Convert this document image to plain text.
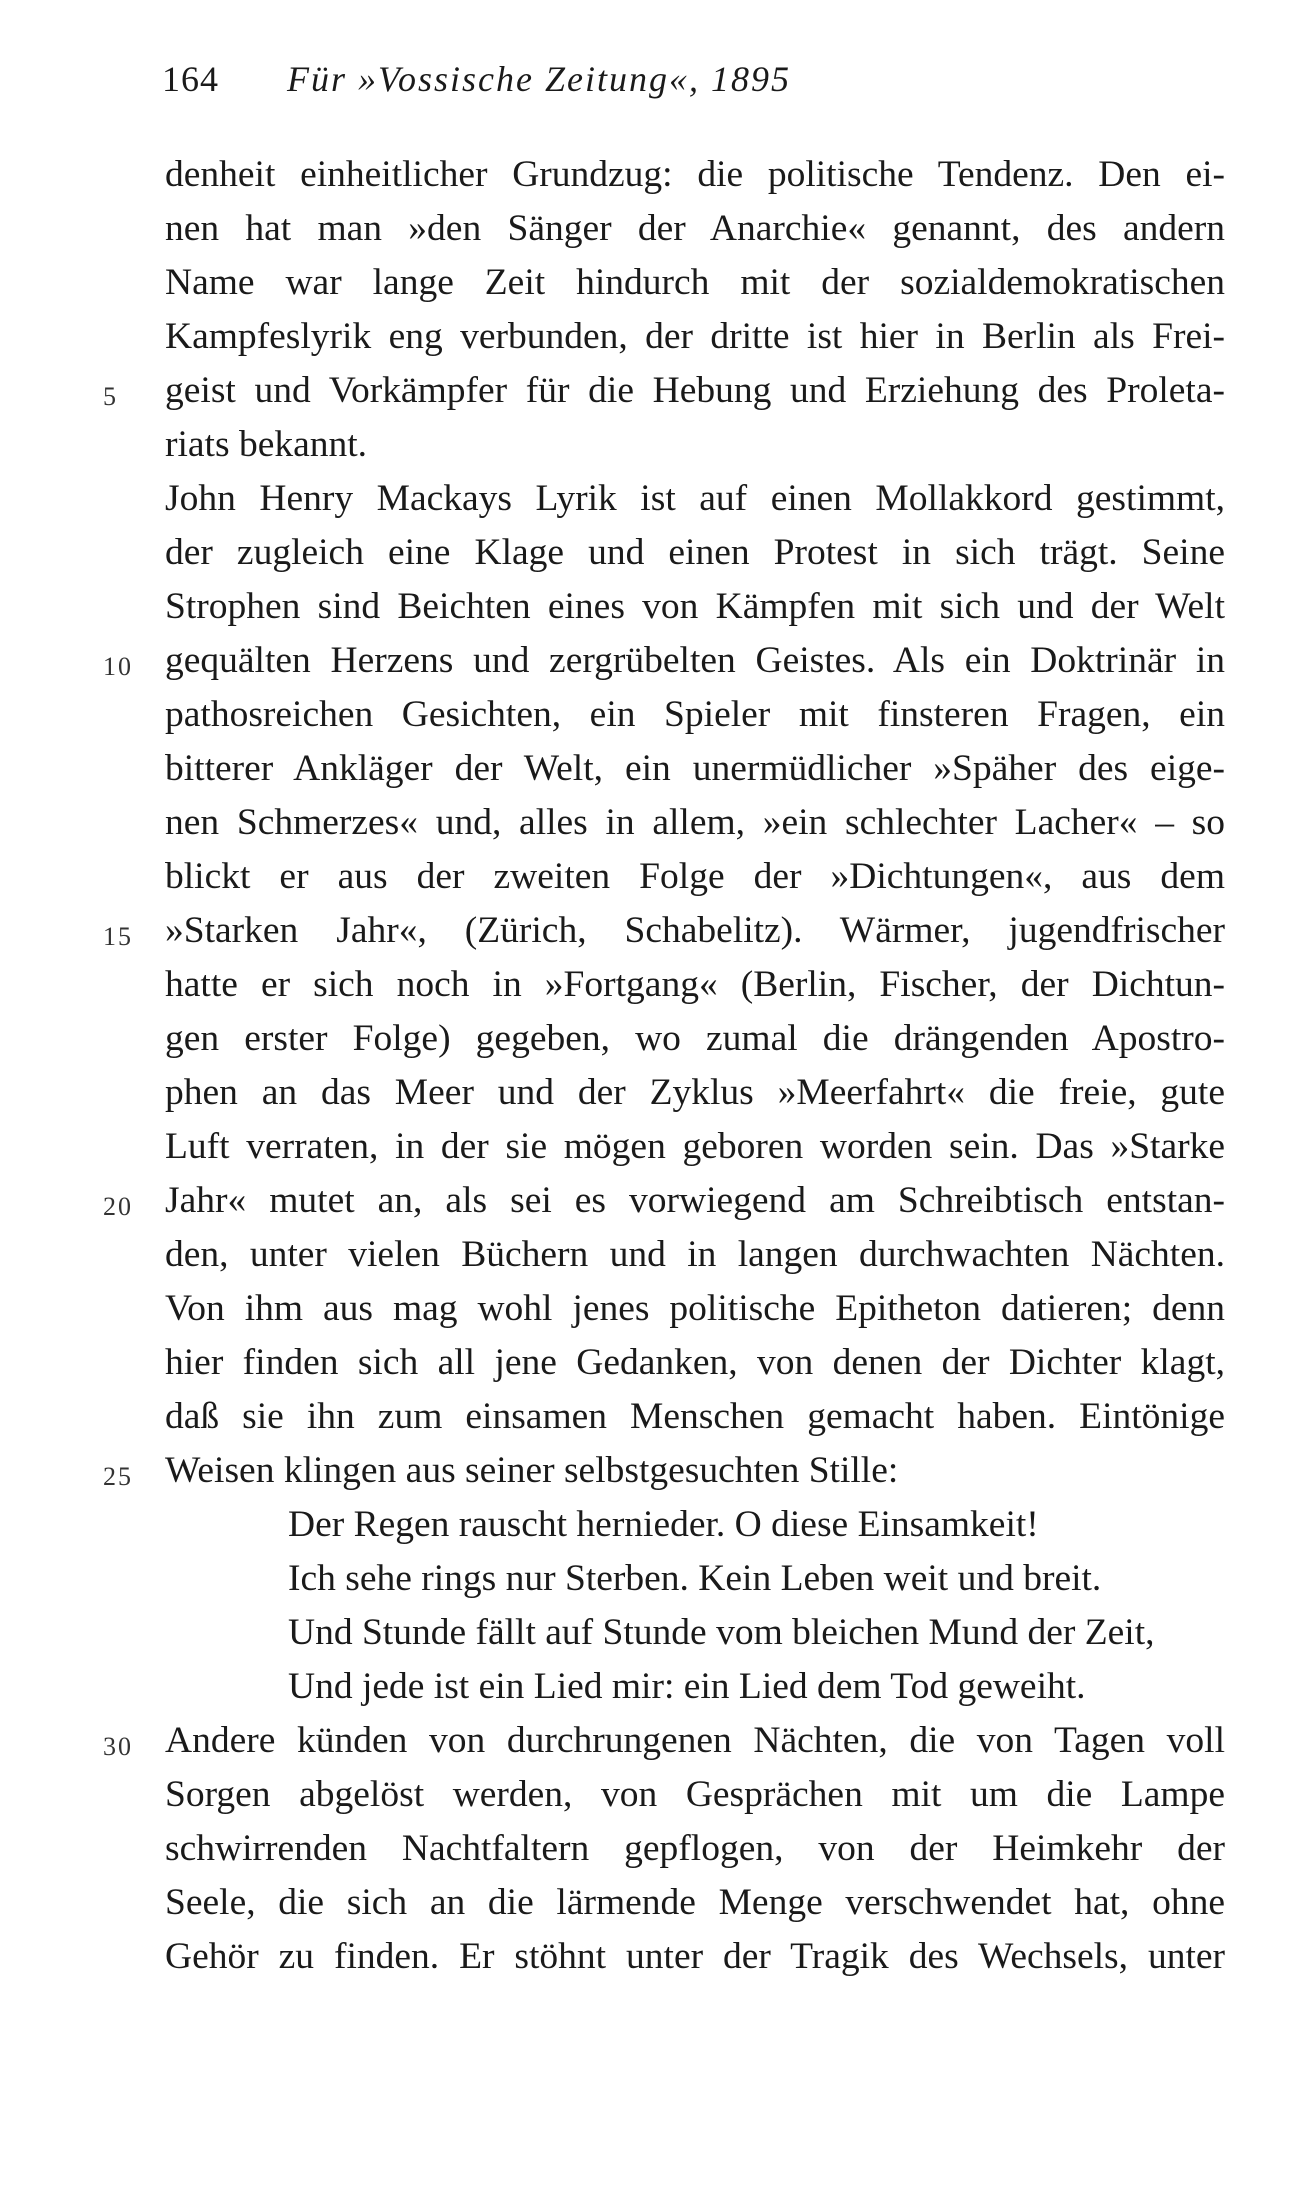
164 Für »Vossische Zeitung«, 1895
denheit einheitlicher Grundzug: die politische Tendenz. Den ei-
nen hat man »den Sänger der Anarchie« genannt, des andern
Name war lange Zeit hindurch mit der sozialdemokratischen
Kampfeslyrik eng verbunden, der dritte ist hier in Berlin als Frei-
5 geist und Vorkämpfer für die Hebung und Erziehung des Proleta-
riats bekannt.
John Henry Mackays Lyrik ist auf einen Mollakkord gestimmt,
der zugleich eine Klage und einen Protest in sich trägt. Seine
Strophen sind Beichten eines von Kämpfen mit sich und der Welt
10 gequälten Herzens und zergrübelten Geistes. Als ein Doktrinär in
pathosreichen Gesichten, ein Spieler mit finsteren Fragen, ein
bitterer Ankläger der Welt, ein unermüdlicher »Späher des eige-
nen Schmerzes« und, alles in allem, »ein schlechter Lacher« – so
blickt er aus der zweiten Folge der »Dichtungen«, aus dem
15 »Starken Jahr«, (Zürich, Schabelitz). Wärmer, jugendfrischer
hatte er sich noch in »Fortgang« (Berlin, Fischer, der Dichtun-
gen erster Folge) gegeben, wo zumal die drängenden Apostro-
phen an das Meer und der Zyklus »Meerfahrt« die freie, gute
Luft verraten, in der sie mögen geboren worden sein. Das »Starke
20 Jahr« mutet an, als sei es vorwiegend am Schreibtisch entstan-
den, unter vielen Büchern und in langen durchwachten Nächten.
Von ihm aus mag wohl jenes politische Epitheton datieren; denn
hier finden sich all jene Gedanken, von denen der Dichter klagt,
daß sie ihn zum einsamen Menschen gemacht haben. Eintönige
25 Weisen klingen aus seiner selbstgesuchten Stille:
Der Regen rauscht hernieder. O diese Einsamkeit!
Ich sehe rings nur Sterben. Kein Leben weit und breit.
Und Stunde fällt auf Stunde vom bleichen Mund der Zeit,
Und jede ist ein Lied mir: ein Lied dem Tod geweiht.
30 Andere künden von durchrungenen Nächten, die von Tagen voll
Sorgen abgelöst werden, von Gesprächen mit um die Lampe
schwirrenden Nachtfaltern gepflogen, von der Heimkehr der
Seele, die sich an die lärmende Menge verschwendet hat, ohne
Gehör zu finden. Er stöhnt unter der Tragik des Wechsels, unter
